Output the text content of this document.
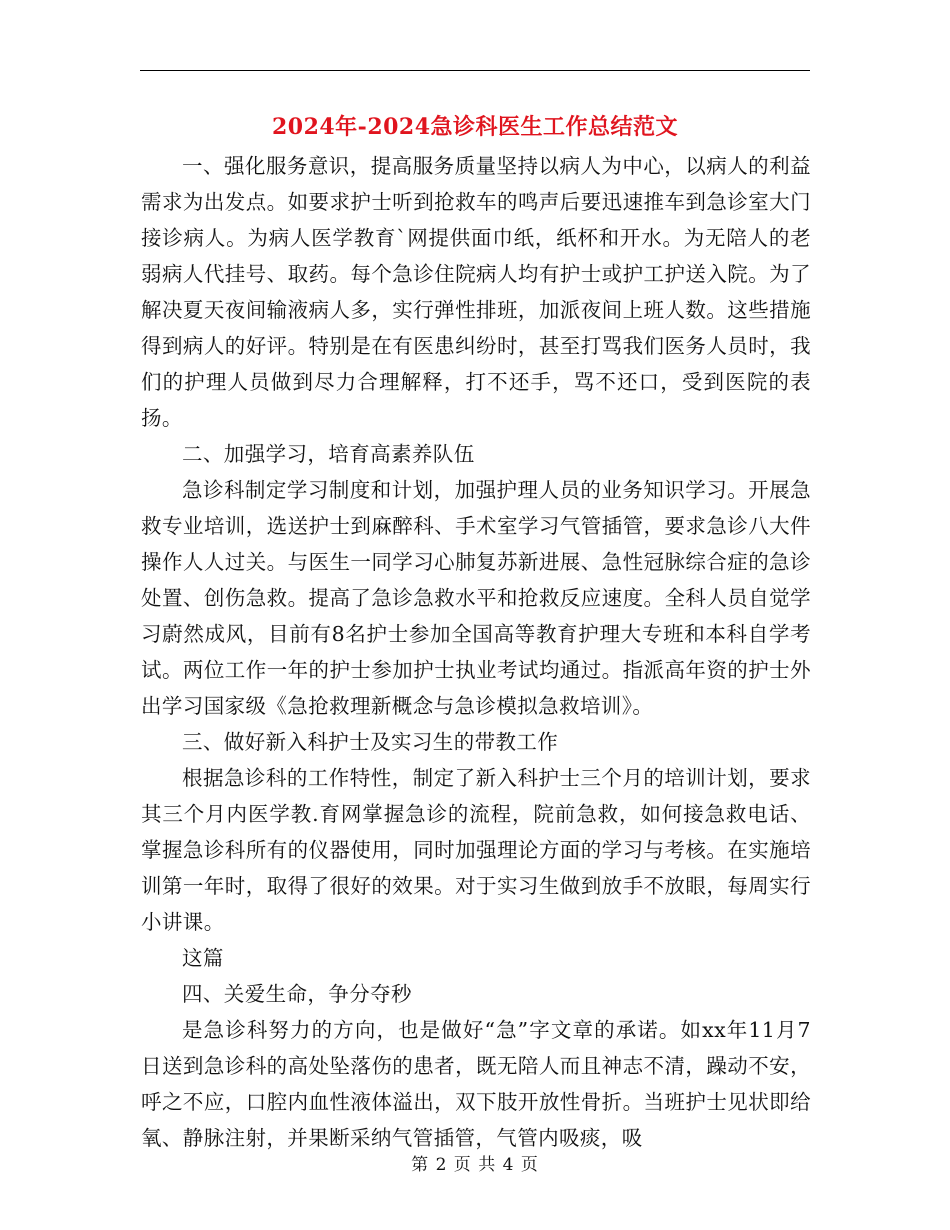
2024年-2024急诊科医生工作总结范文

一、强化服务意识，提高服务质量坚持以病人为中心，以病人的利益需求为出发点。如要求护士听到抢救车的鸣声后要迅速推车到急诊室大门接诊病人。为病人医学教育`网提供面巾纸，纸杯和开水。为无陪人的老弱病人代挂号、取药。每个急诊住院病人均有护士或护工护送入院。为了解决夏天夜间输液病人多，实行弹性排班，加派夜间上班人数。这些措施得到病人的好评。特别是在有医患纠纷时，甚至打骂我们医务人员时，我们的护理人员做到尽力合理解释，打不还手，骂不还口，受到医院的表扬。

二、加强学习，培育高素养队伍

急诊科制定学习制度和计划，加强护理人员的业务知识学习。开展急救专业培训，选送护士到麻醉科、手术室学习气管插管，要求急诊八大件操作人人过关。与医生一同学习心肺复苏新进展、急性冠脉综合症的急诊处置、创伤急救。提高了急诊急救水平和抢救反应速度。全科人员自觉学习蔚然成风，目前有8名护士参加全国高等教育护理大专班和本科自学考试。两位工作一年的护士参加护士执业考试均通过。指派高年资的护士外出学习国家级《急抢救理新概念与急诊模拟急救培训》。

三、做好新入科护士及实习生的带教工作

根据急诊科的工作特性，制定了新入科护士三个月的培训计划，要求其三个月内医学教.育网掌握急诊的流程，院前急救，如何接急救电话、掌握急诊科所有的仪器使用，同时加强理论方面的学习与考核。在实施培训第一年时，取得了很好的效果。对于实习生做到放手不放眼，每周实行小讲课。

这篇

四、关爱生命，争分夺秒

是急诊科努力的方向，也是做好“急”字文章的承诺。如xx年11月7日送到急诊科的高处坠落伤的患者，既无陪人而且神志不清，躁动不安，呼之不应，口腔内血性液体溢出，双下肢开放性骨折。当班护士见状即给氧、静脉注射，并果断采纳气管插管，气管内吸痰，吸

第 2 页 共 4 页
